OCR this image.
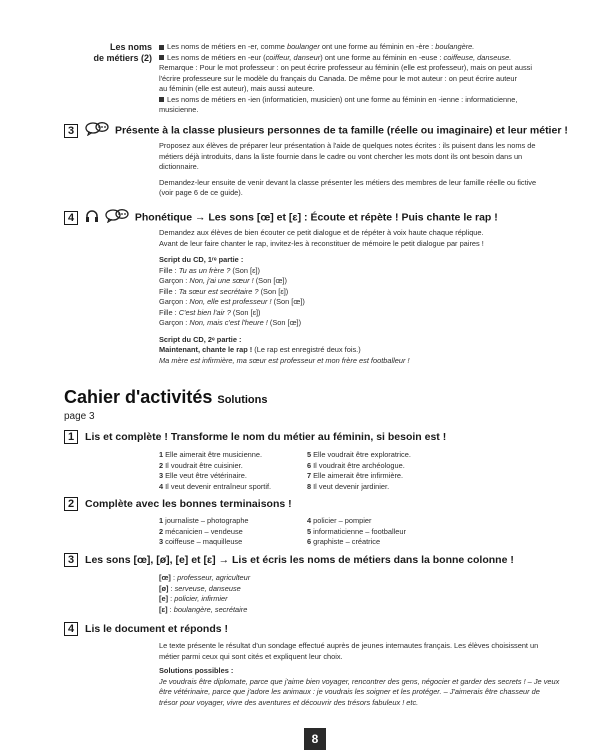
Les noms
de métiers (2)

Les noms de métiers en -er, comme boulanger ont une forme au féminin en -ère : boulangère.

Les noms de métiers en -eur (coiffeur, danseur) ont une forme au féminin en -euse : coiffeuse, danseuse.

Remarque : Pour le mot professeur : on peut écrire professeur au féminin (elle est professeur), mais on peut aussi

l'écrire professeure sur le modèle du français du Canada. De même pour le mot auteur : on peut écrire auteur

au féminin (elle est auteur), mais aussi auteure.

Les noms de métiers en -ien (informaticien, musicien) ont une forme au féminin en -ienne : informaticienne,

musicienne.

3	Présente à la classe plusieurs personnes de ta famille (réelle ou imaginaire) et leur métier !

Proposez aux élèves de préparer leur présentation à l'aide de quelques notes écrites : ils puisent dans les noms de

métiers déjà introduits, dans la liste fournie dans le cadre ou vont chercher les mots dont ils ont besoin dans un

dictionnaire.

Demandez-leur ensuite de venir devant la classe présenter les métiers des membres de leur famille réelle ou fictive

(voir page 6 de ce guide).

4	Phonétique → Les sons [œ] et [ɛ] : Écoute et répète ! Puis chante le rap !

Demandez aux élèves de bien écouter ce petit dialogue et de répéter à voix haute chaque réplique.

Avant de leur faire chanter le rap, invitez-les à reconstituer de mémoire le petit dialogue par paires !

Script du CD, 1ʳᵉ partie :

Fille : Tu as un frère ? (Son [ɛ])

Garçon : Non, j'ai une sœur ! (Son [œ])

Fille : Ta sœur est secrétaire ? (Son [ɛ])

Garçon : Non, elle est professeur ! (Son [œ])

Fille : C'est bien l'air ? (Son [ɛ])

Garçon : Non, mais c'est l'heure ! (Son [œ])

Script du CD, 2ᵉ partie :

Maintenant, chante le rap ! (Le rap est enregistré deux fois.)

Ma mère est infirmière, ma sœur est professeur et mon frère est footballeur !

Cahier d'activités Solutions
page 3
1 Lis et complète ! Transforme le nom du métier au féminin, si besoin est !

1 Elle aimerait être musicienne.	5 Elle voudrait être exploratrice.

2 Il voudrait être cuisinier.	6 Il voudrait être archéologue.

3 Elle veut être vétérinaire.	7 Elle aimerait être infirmière.

4 Il veut devenir entraîneur sportif.	8 Il veut devenir jardinier.

2 Complète avec les bonnes terminaisons !

1 journaliste – photographe	4 policier – pompier

2 mécanicien – vendeuse	5 informaticienne – footballeur

3 coiffeuse – maquilleuse	6 graphiste – créatrice

3 Les sons [œ], [ø], [e] et [ɛ] → Lis et écris les noms de métiers dans la bonne colonne !

[œ] : professeur, agriculteur

[ø] : serveuse, danseuse

[e] : policier, infirmier

[ɛ] : boulangère, secrétaire

4 Lis le document et réponds !

Le texte présente le résultat d'un sondage effectué auprès de jeunes internautes français. Les élèves choisissent un

métier parmi ceux qui sont cités et expliquent leur choix.

Solutions possibles :

Je voudrais être diplomate, parce que j'aime bien voyager, rencontrer des gens, négocier et garder des secrets ! – Je veux

être vétérinaire, parce que j'adore les animaux : je voudrais les soigner et les protéger. – J'aimerais être chasseur de

trésor pour voyager, vivre des aventures et découvrir des trésors fabuleux ! etc.

8
